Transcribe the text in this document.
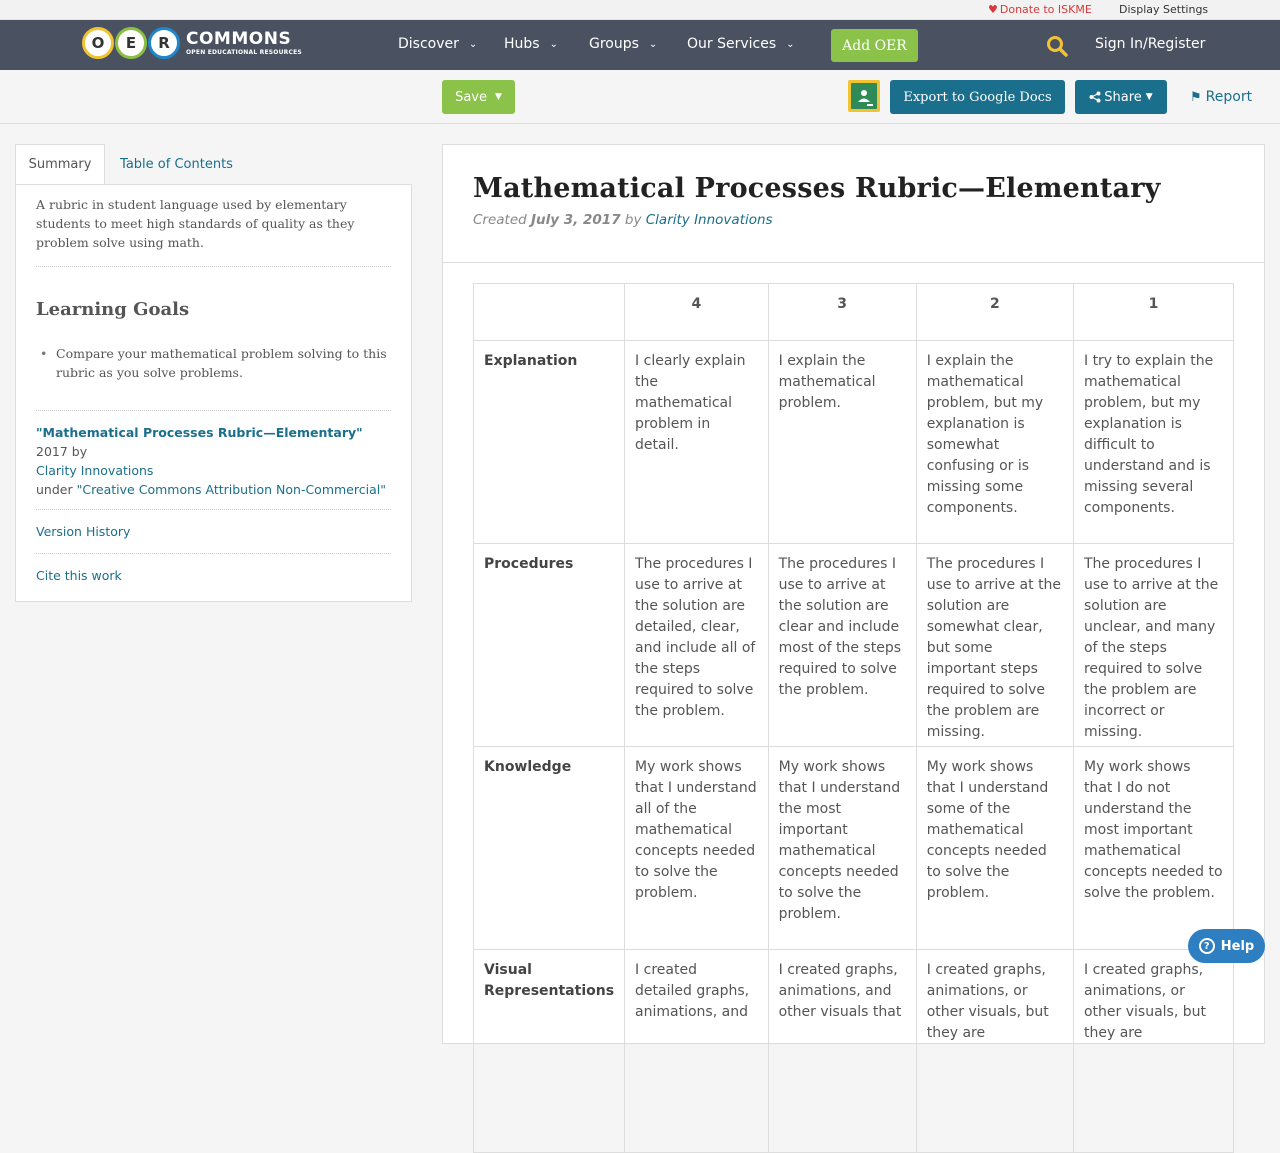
♥ Donate to ISKME Display Settings
O	E	R COMMONS
OPEN EDUCATIONAL RESOURCES	Discover ⌄ Hubs ⌄ Groups ⌄ Our Services ⌄	Add OER	Sign In/Register
Save ▼	Export to Google Docs	Share ▼	⚑ Report
Summary	Table of Contents

A rubric in student language used by elementary students to meet high standards of quality as they problem solve using math.

Learning Goals
• Compare your mathematical problem solving to this rubric as you solve problems.
"Mathematical Processes Rubric—Elementary" 2017 by
Clarity Innovations
under "Creative Commons Attribution Non-Commercial"
Version History
Cite this work
Mathematical Processes Rubric—Elementary
Created July 3, 2017 by Clarity Innovations
	4	3	2	1
Explanation	I clearly explain the mathematical problem in detail.	I explain the mathematical problem.	I explain the mathematical problem, but my explanation is somewhat confusing or is missing some components.	I try to explain the mathematical problem, but my explanation is difficult to understand and is missing several components.
Procedures	The procedures I use to arrive at the solution are detailed, clear, and include all of the steps required to solve the problem.	The procedures I use to arrive at the solution are clear and include most of the steps required to solve the problem.	The procedures I use to arrive at the solution are somewhat clear, but some important steps required to solve the problem are missing.	The procedures I use to arrive at the solution are unclear, and many of the steps required to solve the problem are incorrect or missing.
Knowledge	My work shows that I understand all of the mathematical concepts needed to solve the problem.	My work shows that I understand the most important mathematical concepts needed to solve the problem.	My work shows that I understand some of the mathematical concepts needed to solve the problem.	My work shows that I do not understand the most important mathematical concepts needed to solve the problem.
Visual Representations	I created detailed graphs, animations, and	I created graphs, animations, and other visuals that	I created graphs, animations, or other visuals, but they are	I created graphs, animations, or other visuals, but they are
? Help
